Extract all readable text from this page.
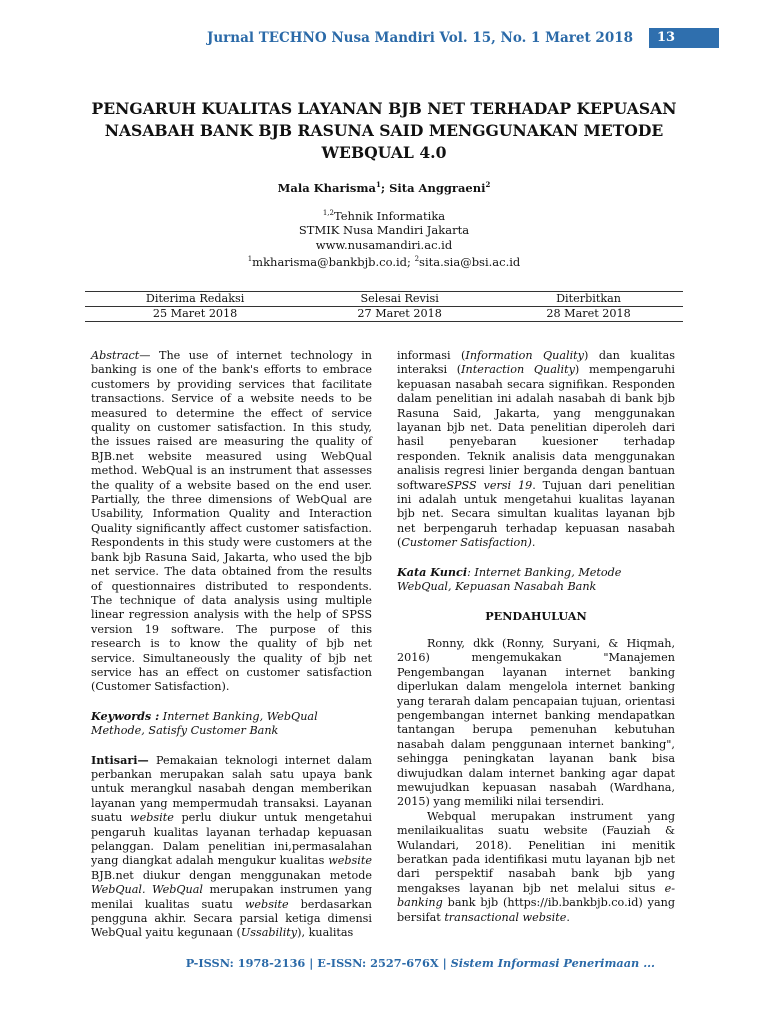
Jurnal TECHNO Nusa Mandiri Vol. 15, No. 1 Maret 2018	13
PENGARUH KUALITAS LAYANAN BJB NET TERHADAP KEPUASAN NASABAH BANK BJB RASUNA SAID MENGGUNAKAN METODE WEBQUAL 4.0
Mala Kharisma$^1$; Sita Anggraeni$^2$
$^{1,2}$Tehnik Informatika
STMIK Nusa Mandiri Jakarta
www.nusamandiri.ac.id
$^1$mkharisma@bankbjb.co.id; $^2$sita.sia@bsi.ac.id
Diterima Redaksi	Selesai Revisi	Diterbitkan
25 Maret 2018	27 Maret 2018	28 Maret 2018

Abstract— The use of internet technology in banking is one of the bank's efforts to embrace customers by providing services that facilitate transactions. Service of a website needs to be measured to determine the effect of service quality on customer satisfaction. In this study, the issues raised are measuring the quality of BJB.net website measured using WebQual method. WebQual is an instrument that assesses the quality of a website based on the end user. Partially, the three dimensions of WebQual are Usability, Information Quality and Interaction Quality significantly affect customer satisfaction. Respondents in this study were customers at the bank bjb Rasuna Said, Jakarta, who used the bjb net service. The data obtained from the results of questionnaires distributed to respondents. The technique of data analysis using multiple linear regression analysis with the help of SPSS version 19 software. The purpose of this research is to know the quality of bjb net service. Simultaneously the quality of bjb net service has an effect on customer satisfaction (Customer Satisfaction).

Keywords : Internet Banking, WebQual Methode, Satisfy Customer Bank

Intisari— Pemakaian teknologi internet dalam perbankan merupakan salah satu upaya bank untuk merangkul nasabah dengan memberikan layanan yang mempermudah transaksi. Layanan suatu website perlu diukur untuk mengetahui pengaruh kualitas layanan terhadap kepuasan pelanggan. Dalam penelitian ini,permasalahan yang diangkat adalah mengukur kualitas website BJB.net diukur dengan menggunakan metode WebQual. WebQual merupakan instrumen yang menilai kualitas suatu website berdasarkan pengguna akhir. Secara parsial ketiga dimensi WebQual yaitu kegunaan (Ussability), kualitas

informasi (Information Quality) dan kualitas interaksi (Interaction Quality) mempengaruhi kepuasan nasabah secara signifikan. Responden dalam penelitian ini adalah nasabah di bank bjb Rasuna Said, Jakarta, yang menggunakan layanan bjb net. Data penelitian diperoleh dari hasil penyebaran kuesioner terhadap responden. Teknik analisis data menggunakan analisis regresi linier berganda dengan bantuan softwareSPSS versi 19. Tujuan dari penelitian ini adalah untuk mengetahui kualitas layanan bjb net. Secara simultan kualitas layanan bjb net berpengaruh terhadap kepuasan nasabah (Customer Satisfaction).

Kata Kunci: Internet Banking, Metode WebQual, Kepuasan Nasabah Bank

PENDAHULUAN

Ronny, dkk (Ronny, Suryani, & Hiqmah, 2016) mengemukakan "Manajemen Pengembangan layanan internet banking diperlukan dalam mengelola internet banking yang terarah dalam pencapaian tujuan, orientasi pengembangan internet banking mendapatkan tantangan berupa pemenuhan kebutuhan nasabah dalam penggunaan internet banking", sehingga peningkatan layanan bank bisa diwujudkan dalam internet banking agar dapat mewujudkan kepuasan nasabah (Wardhana, 2015) yang memiliki nilai tersendiri.

Webqual merupakan instrument yang menilaikualitas suatu website (Fauziah & Wulandari, 2018). Penelitian ini menitik beratkan pada identifikasi mutu layanan bjb net dari perspektif nasabah bank bjb yang mengakses layanan bjb net melalui situs e-banking bank bjb (https://ib.bankbjb.co.id) yang bersifat transactional website.

P-ISSN: 1978-2136 | E-ISSN: 2527-676X | Sistem Informasi Penerimaan ...
